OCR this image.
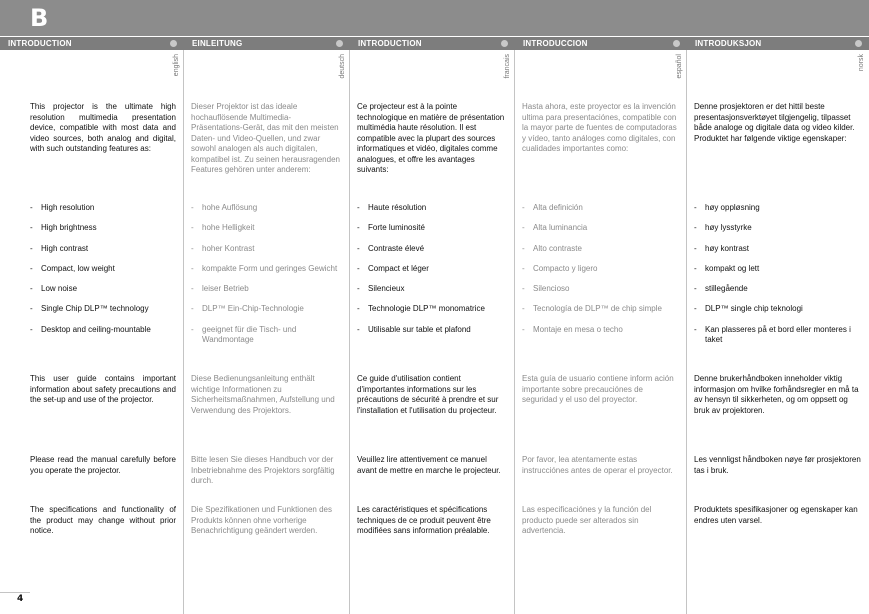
B
INTRODUCTION
english
This projector is the ultimate high resolution multimedia presentation device, compatible with most data and video sources, both analog and digital, with such outstanding features as:
- High resolution
- High brightness
- High contrast
- Compact, low weight
- Low noise
- Single Chip DLP™ technology
- Desktop and ceiling-mountable
This user guide contains important information about safety precautions and the set-up and use of the projector.
Please read the manual carefully before you operate the projector.
The specifications and functionality of the product may change without prior notice.
EINLEITUNG
deutsch
Dieser Projektor ist das ideale hochauflösende Multimedia-Präsentations-Gerät, das mit den meisten Daten- und Video-Quellen, und zwar sowohl analogen als auch digitalen, kompatibel ist. Zu seinen herausragenden Features gehören unter anderem:
- hohe Auflösung
- hohe Helligkeit
- hoher Kontrast
- kompakte Form und geringes Gewicht
- leiser Betrieb
- DLP™ Ein-Chip-Technologie
- geeignet für die Tisch- und Wandmontage
Diese Bedienungsanleitung enthält wichtige Informationen zu Sicherheitsmaßnahmen, Aufstellung und Verwendung des Projektors.
Bitte lesen Sie dieses Handbuch vor der Inbetriebnahme des Projektors sorgfältig durch.
Die Spezifikationen und Funktionen des Produkts können ohne vorherige Benachrichtigung geändert werden.
INTRODUCTION
francais
Ce projecteur est à la pointe technologique en matière de présentation multimédia haute résolution. Il est compatible avec la plupart des sources informatiques et vidéo, digitales comme analogues, et offre les avantages suivants:
- Haute résolution
- Forte luminosité
- Contraste élevé
- Compact et léger
- Silencieux
- Technologie DLP™ monomatrice
- Utilisable sur table et plafond
Ce guide d'utilisation contient d'importantes informations sur les précautions de sécurité à prendre et sur l'installation et l'utilisation du projecteur.
Veuillez lire attentivement ce manuel avant de mettre en marche le projecteur.
Les caractéristiques et spécifications techniques de ce produit peuvent être modifiées sans information préalable.
INTRODUCCION
español
Hasta ahora, este proyector es la invención ultima para presentaciónes, compatible con la mayor parte de fuentes de computadoras y vídeo, tanto análoges como digitales, con cualidades importantes como:
- Alta definición
- Alta luminancia
- Alto contraste
- Compacto y ligero
- Silencioso
- Tecnología de DLP™ de chip simple
- Montaje en mesa o techo
Esta guía de usuario contiene inform ación importante sobre precauciónes de seguridad y el uso del proyector.
Por favor, lea atentamente estas instrucciónes antes de operar el proyector.
Las especificaciónes y la función del producto puede ser alterados sin advertencia.
INTRODUKSJON
norsk
Denne prosjektoren er det hittil beste presentasjonsverktøyet tilgjengelig, tilpasset både analoge og digitale data og video kilder. Produktet har følgende viktige egenskaper:
- høy oppløsning
- høy lysstyrke
- høy kontrast
- kompakt og lett
- stillegående
- DLP™ single chip teknologi
- Kan plasseres på et bord eller monteres i taket
Denne brukerhåndboken inneholder viktig informasjon om hvilke forhåndsregler en må ta av hensyn til sikkerheten, og om oppsett og bruk av projektoren.
Les vennligst håndboken nøye før prosjektoren tas i bruk.
Produktets spesifikasjoner og egenskaper kan endres uten varsel.
4
